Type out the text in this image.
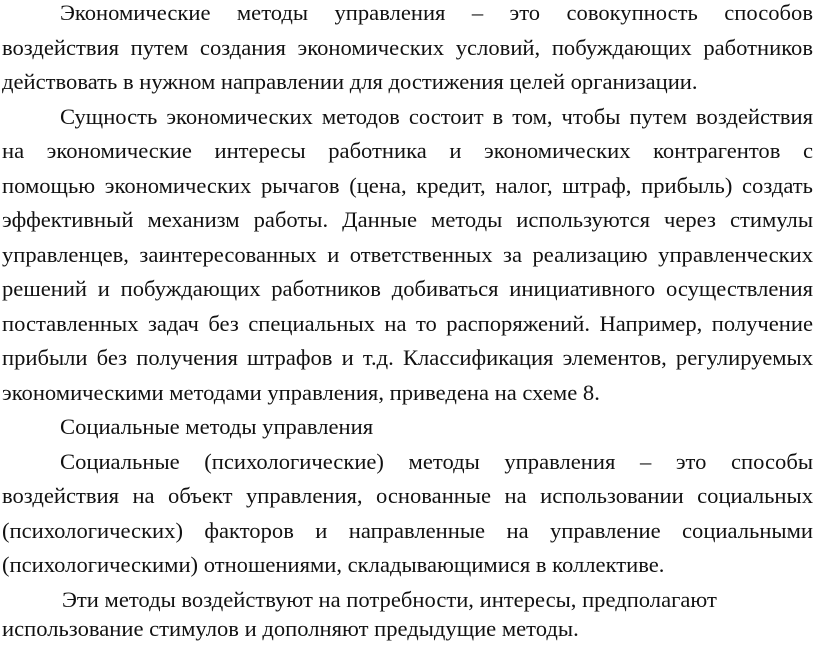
Экономические методы управления – это совокупность способов
воздействия путем создания экономических условий, побуждающих работников
действовать в нужном направлении для достижения целей организации.
Сущность экономических методов состоит в том, чтобы путем воздействия
на экономические интересы работника и экономических контрагентов с
помощью экономических рычагов (цена, кредит, налог, штраф, прибыль) создать
эффективный механизм работы. Данные методы используются через стимулы
управленцев, заинтересованных и ответственных за реализацию управленческих
решений и побуждающих работников добиваться инициативного осуществления
поставленных задач без специальных на то распоряжений. Например, получение
прибыли без получения штрафов и т.д. Классификация элементов, регулируемых
экономическими методами управления, приведена на схеме 8.
Социальные методы управления
Социальные (психологические) методы управления – это способы
воздействия на объект управления, основанные на использовании социальных
(психологических) факторов и направленные на управление социальными
(психологическими) отношениями, складывающимися в коллективе.
Эти методы воздействуют на потребности, интересы, предполагают
использование стимулов и дополняют предыдущие методы.
